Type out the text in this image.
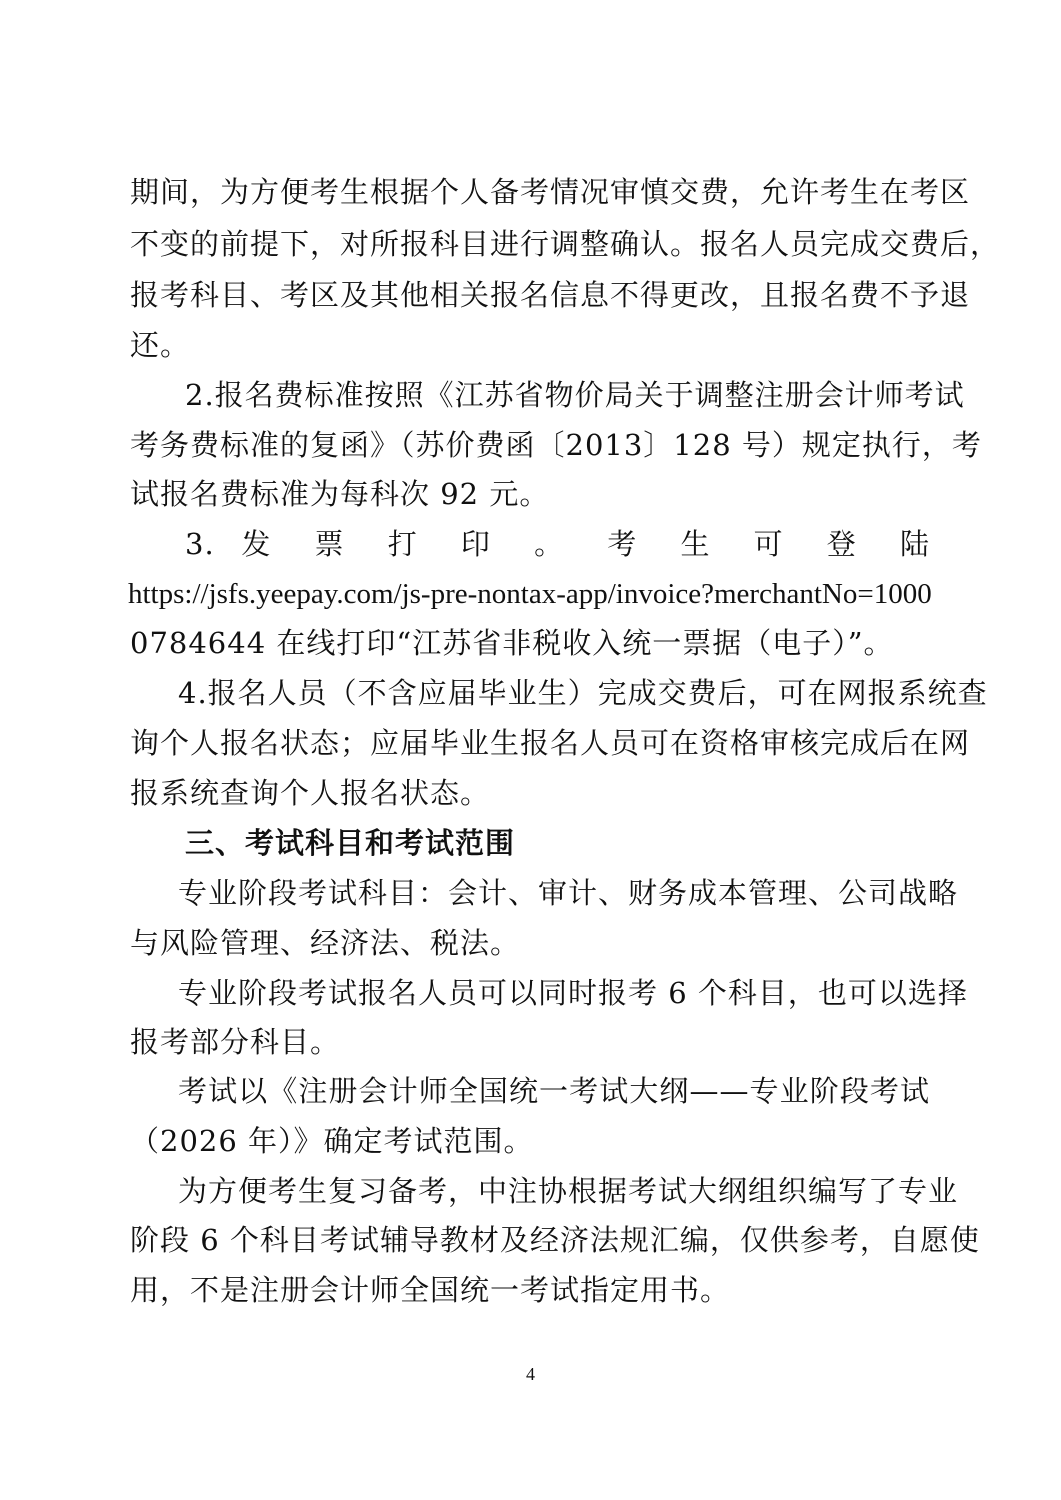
期间，为方便考生根据个人备考情况审慎交费，允许考生在考区
不变的前提下，对所报科目进行调整确认。报名人员完成交费后，
报考科目、考区及其他相关报名信息不得更改，且报名费不予退
还。
2.报名费标准按照《江苏省物价局关于调整注册会计师考试
考务费标准的复函》（苏价费函〔2013〕128 号）规定执行，考
试报名费标准为每科次 92 元。
3. 发 票 打 印 。 考 生 可 登 陆
https://jsfs.yeepay.com/js-pre-nontax-app/invoice?merchantNo=1000
0784644 在线打印“江苏省非税收入统一票据（电子）”。
4.报名人员（不含应届毕业生）完成交费后，可在网报系统查
询个人报名状态；应届毕业生报名人员可在资格审核完成后在网
报系统查询个人报名状态。
三、考试科目和考试范围
专业阶段考试科目：会计、审计、财务成本管理、公司战略
与风险管理、经济法、税法。
专业阶段考试报名人员可以同时报考 6 个科目，也可以选择
报考部分科目。
考试以《注册会计师全国统一考试大纲——专业阶段考试
（2026 年）》确定考试范围。
为方便考生复习备考，中注协根据考试大纲组织编写了专业
阶段 6 个科目考试辅导教材及经济法规汇编，仅供参考，自愿使
用，不是注册会计师全国统一考试指定用书。
4
